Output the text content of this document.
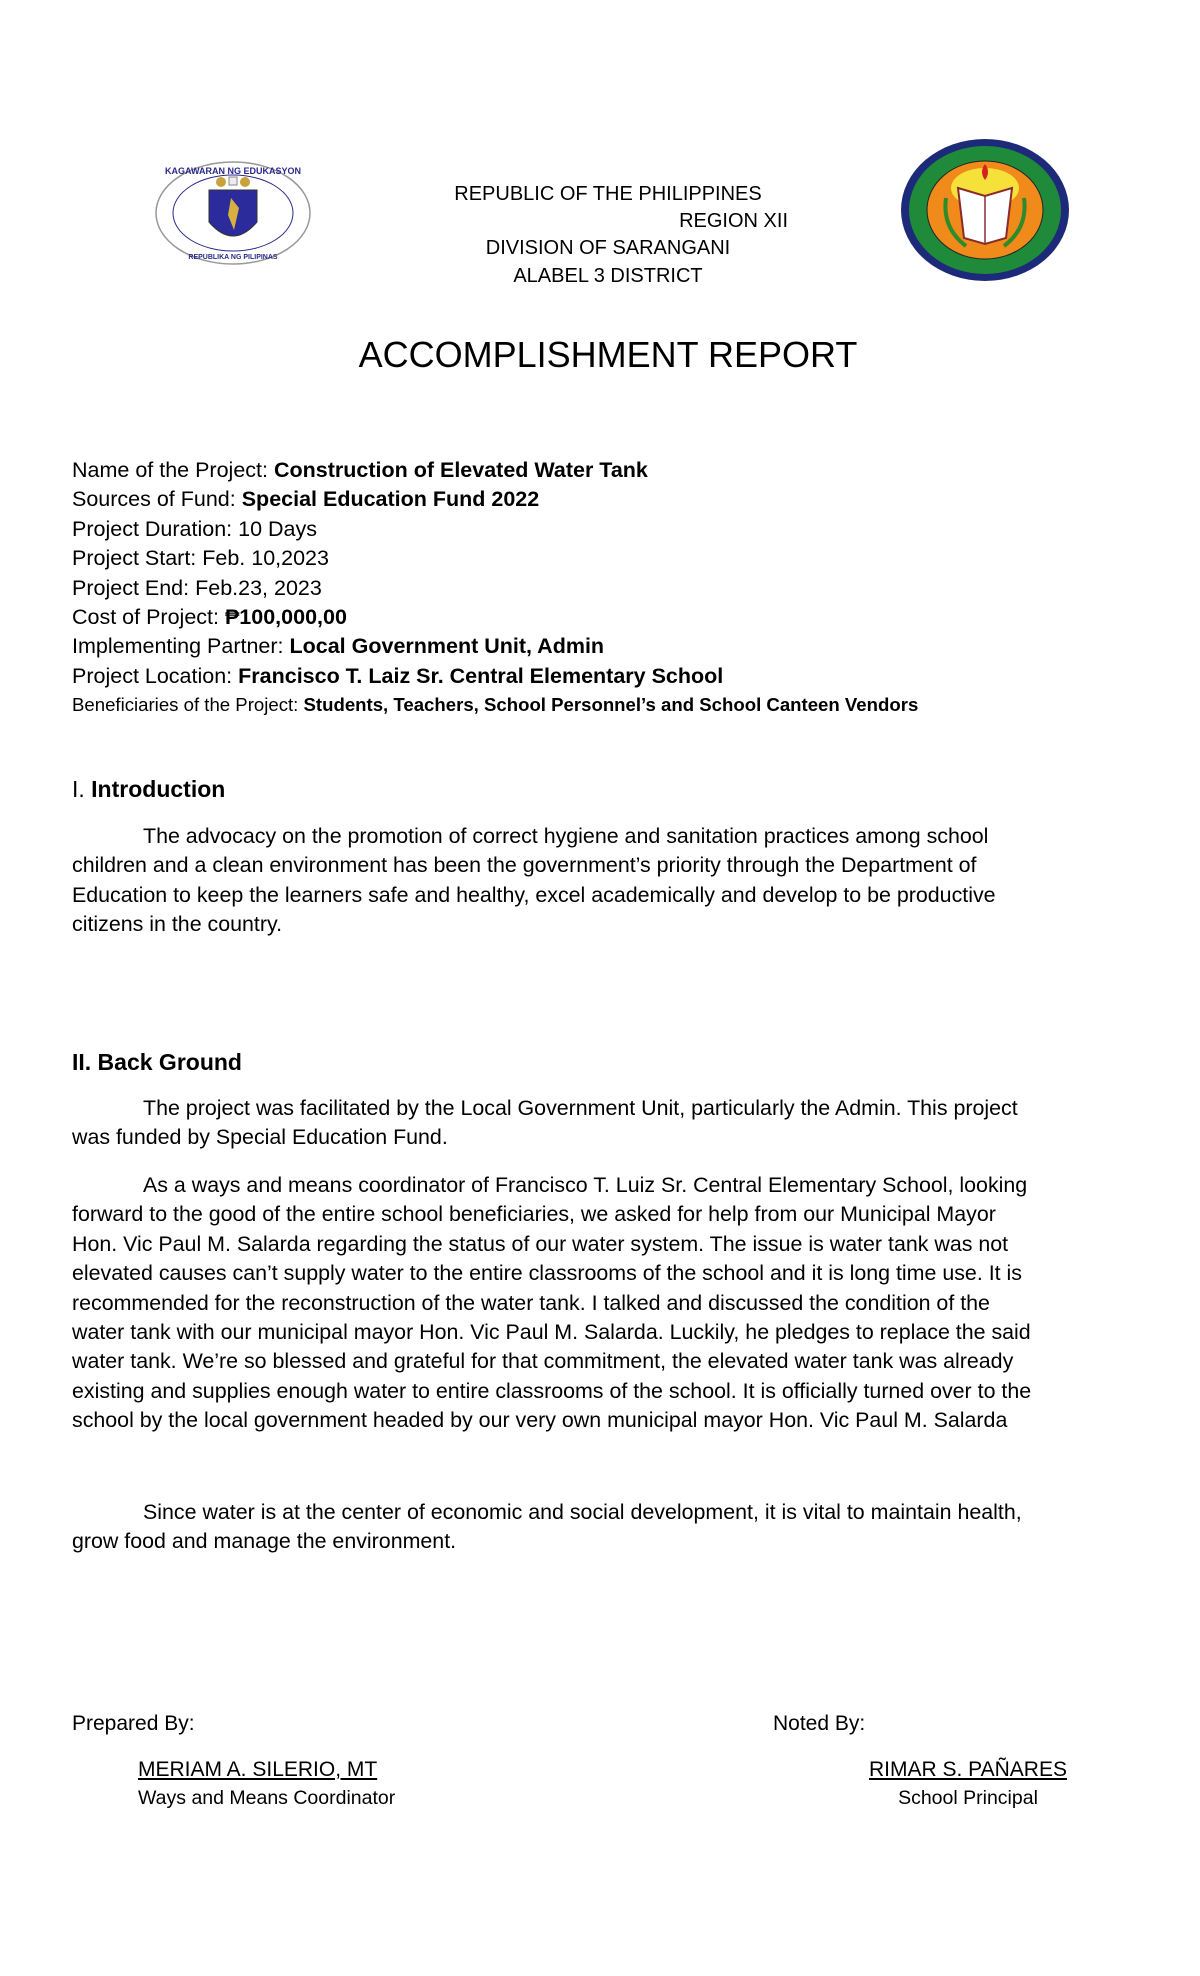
KAGAWARAN NG EDUKASYON
REPUBLIKA NG PILIPINAS
REPUBLIC OF THE PHILIPPINES
REGION XII
DIVISION OF SARANGANI
ALABEL 3 DISTRICT
ACCOMPLISHMENT REPORT
Name of the Project: Construction of Elevated Water Tank
Sources of Fund: Special Education Fund 2022
Project Duration: 10 Days
Project Start: Feb. 10,2023
Project End: Feb.23, 2023
Cost of Project: ₱100,000,00
Implementing Partner: Local Government Unit, Admin
Project Location: Francisco T. Laiz Sr. Central Elementary School
Beneficiaries of the Project: Students, Teachers, School Personnel’s and School Canteen Vendors
I. Introduction
The advocacy on the promotion of correct hygiene and sanitation practices among school
children and a clean environment has been the government’s priority through the Department of
Education to keep the learners safe and healthy, excel academically and develop to be productive
citizens in the country.
II. Back Ground
The project was facilitated by the Local Government Unit, particularly the Admin. This project
was funded by Special Education Fund.
As a ways and means coordinator of Francisco T. Luiz Sr. Central Elementary School, looking
forward to the good of the entire school beneficiaries, we asked for help from our Municipal Mayor
Hon. Vic Paul M. Salarda regarding the status of our water system. The issue is water tank was not
elevated causes can’t supply water to the entire classrooms of the school and it is long time use. It is
recommended for the reconstruction of the water tank. I talked and discussed the condition of the
water tank with our municipal mayor Hon. Vic Paul M. Salarda. Luckily, he pledges to replace the said
water tank. We’re so blessed and grateful for that commitment, the elevated water tank was already
existing and supplies enough water to entire classrooms of the school. It is officially turned over to the
school by the local government headed by our very own municipal mayor Hon. Vic Paul M. Salarda
Since water is at the center of economic and social development, it is vital to maintain health,
grow food and manage the environment.
Prepared By:
MERIAM A. SILERIO, MT
Ways and Means Coordinator
Noted By:
RIMAR S. PAÑARES
School Principal
